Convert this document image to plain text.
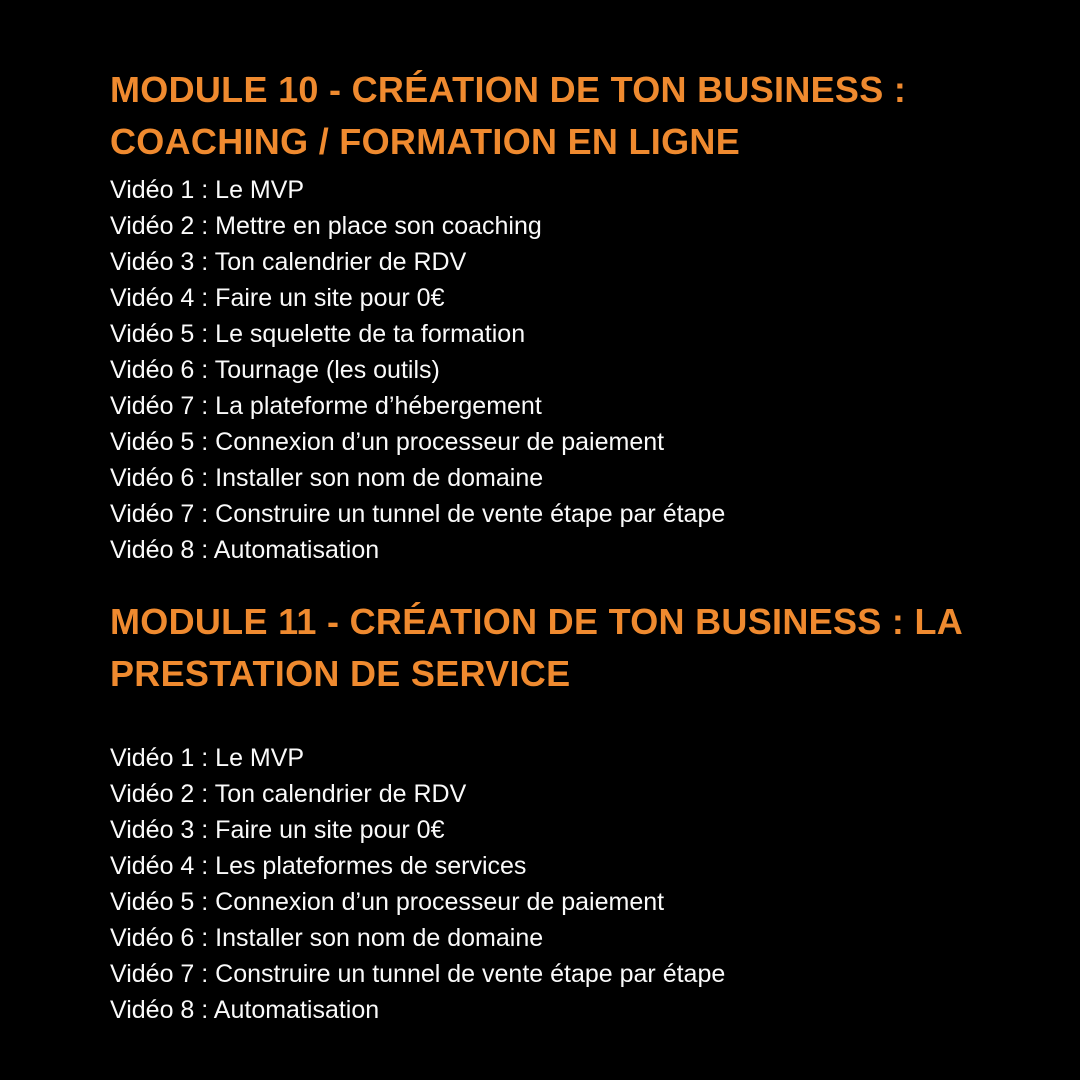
MODULE 10 - CRÉATION DE TON BUSINESS :
COACHING / FORMATION EN LIGNE
Vidéo 1 : Le MVP
Vidéo 2 : Mettre en place son coaching
Vidéo 3 : Ton calendrier de RDV
Vidéo 4 : Faire un site pour 0€
Vidéo 5 : Le squelette de ta formation
Vidéo 6 : Tournage (les outils)
Vidéo 7 : La plateforme d’hébergement
Vidéo 5 : Connexion d’un processeur de paiement
Vidéo 6 : Installer son nom de domaine
Vidéo 7 : Construire un tunnel de vente étape par étape
Vidéo 8 : Automatisation
MODULE 11 - CRÉATION DE TON BUSINESS : LA
PRESTATION DE SERVICE
Vidéo 1 : Le MVP
Vidéo 2 : Ton calendrier de RDV
Vidéo 3 : Faire un site pour 0€
Vidéo 4 : Les plateformes de services
Vidéo 5 : Connexion d’un processeur de paiement
Vidéo 6 : Installer son nom de domaine
Vidéo 7 : Construire un tunnel de vente étape par étape
Vidéo 8 : Automatisation
